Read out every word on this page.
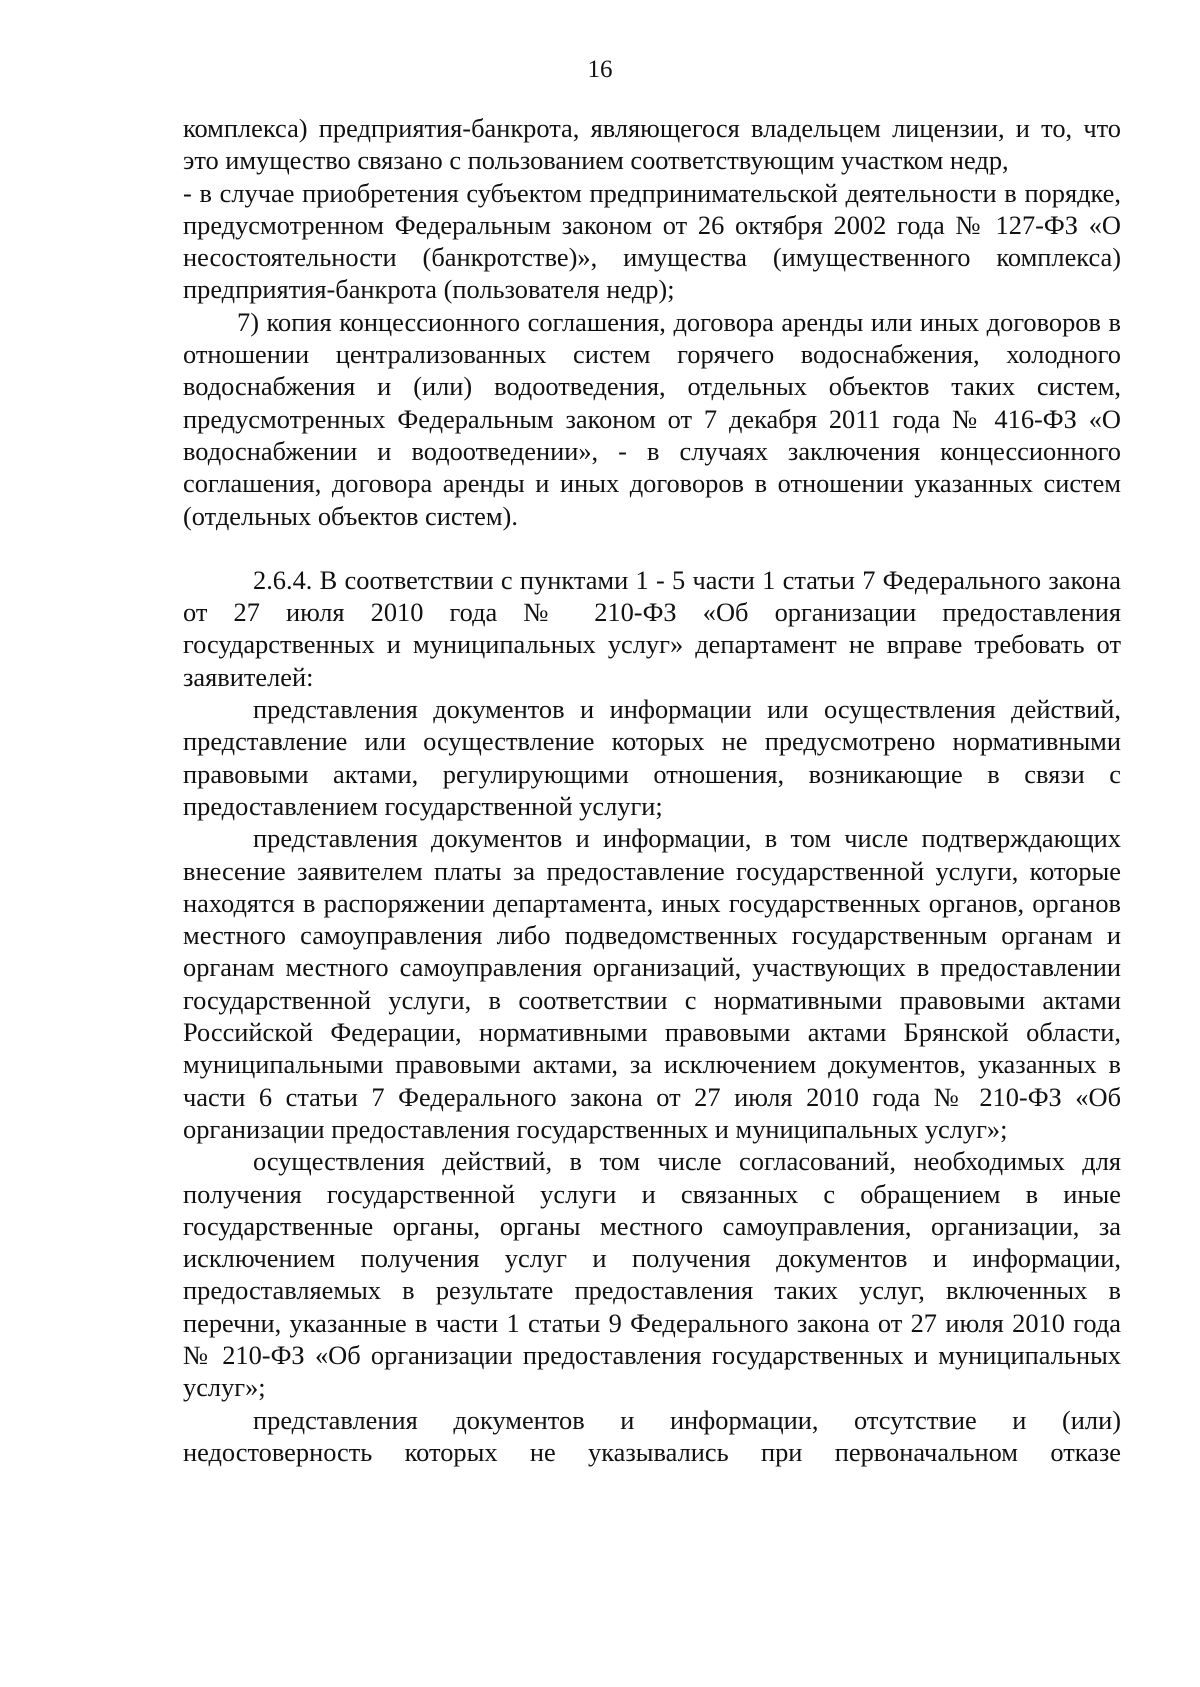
16

комплекса) предприятия-банкрота, являющегося владельцем лицензии, и то, что это имущество связано с пользованием соответствующим участком недр,

- в случае приобретения субъектом предпринимательской деятельности в порядке, предусмотренном Федеральным законом от 26 октября 2002 года № 127-ФЗ «О несостоятельности (банкротстве)», имущества (имущественного комплекса) предприятия-банкрота (пользователя недр);

7) копия концессионного соглашения, договора аренды или иных договоров в отношении централизованных систем горячего водоснабжения, холодного водоснабжения и (или) водоотведения, отдельных объектов таких систем, предусмотренных Федеральным законом от 7 декабря 2011 года № 416-ФЗ «О водоснабжении и водоотведении», - в случаях заключения концессионного соглашения, договора аренды и иных договоров в отношении указанных систем (отдельных объектов систем).

2.6.4. В соответствии с пунктами 1 - 5 части 1 статьи 7 Федерального закона от 27 июля 2010 года № 210-ФЗ «Об организации предоставления государственных и муниципальных услуг» департамент не вправе требовать от заявителей:

представления документов и информации или осуществления действий, представление или осуществление которых не предусмотрено нормативными правовыми актами, регулирующими отношения, возникающие в связи с предоставлением государственной услуги;

представления документов и информации, в том числе подтверждающих внесение заявителем платы за предоставление государственной услуги, которые находятся в распоряжении департамента, иных государственных органов, органов местного самоуправления либо подведомственных государственным органам и органам местного самоуправления организаций, участвующих в предоставлении государственной услуги, в соответствии с нормативными правовыми актами Российской Федерации, нормативными правовыми актами Брянской области, муниципальными правовыми актами, за исключением документов, указанных в части 6 статьи 7 Федерального закона от 27 июля 2010 года № 210-ФЗ «Об организации предоставления государственных и муниципальных услуг»;

осуществления действий, в том числе согласований, необходимых для получения государственной услуги и связанных с обращением в иные государственные органы, органы местного самоуправления, организации, за исключением получения услуг и получения документов и информации, предоставляемых в результате предоставления таких услуг, включенных в перечни, указанные в части 1 статьи 9 Федерального закона от 27 июля 2010 года № 210-ФЗ «Об организации предоставления государственных и муниципальных услуг»;

представления документов и информации, отсутствие и (или) недостоверность которых не указывались при первоначальном отказе
